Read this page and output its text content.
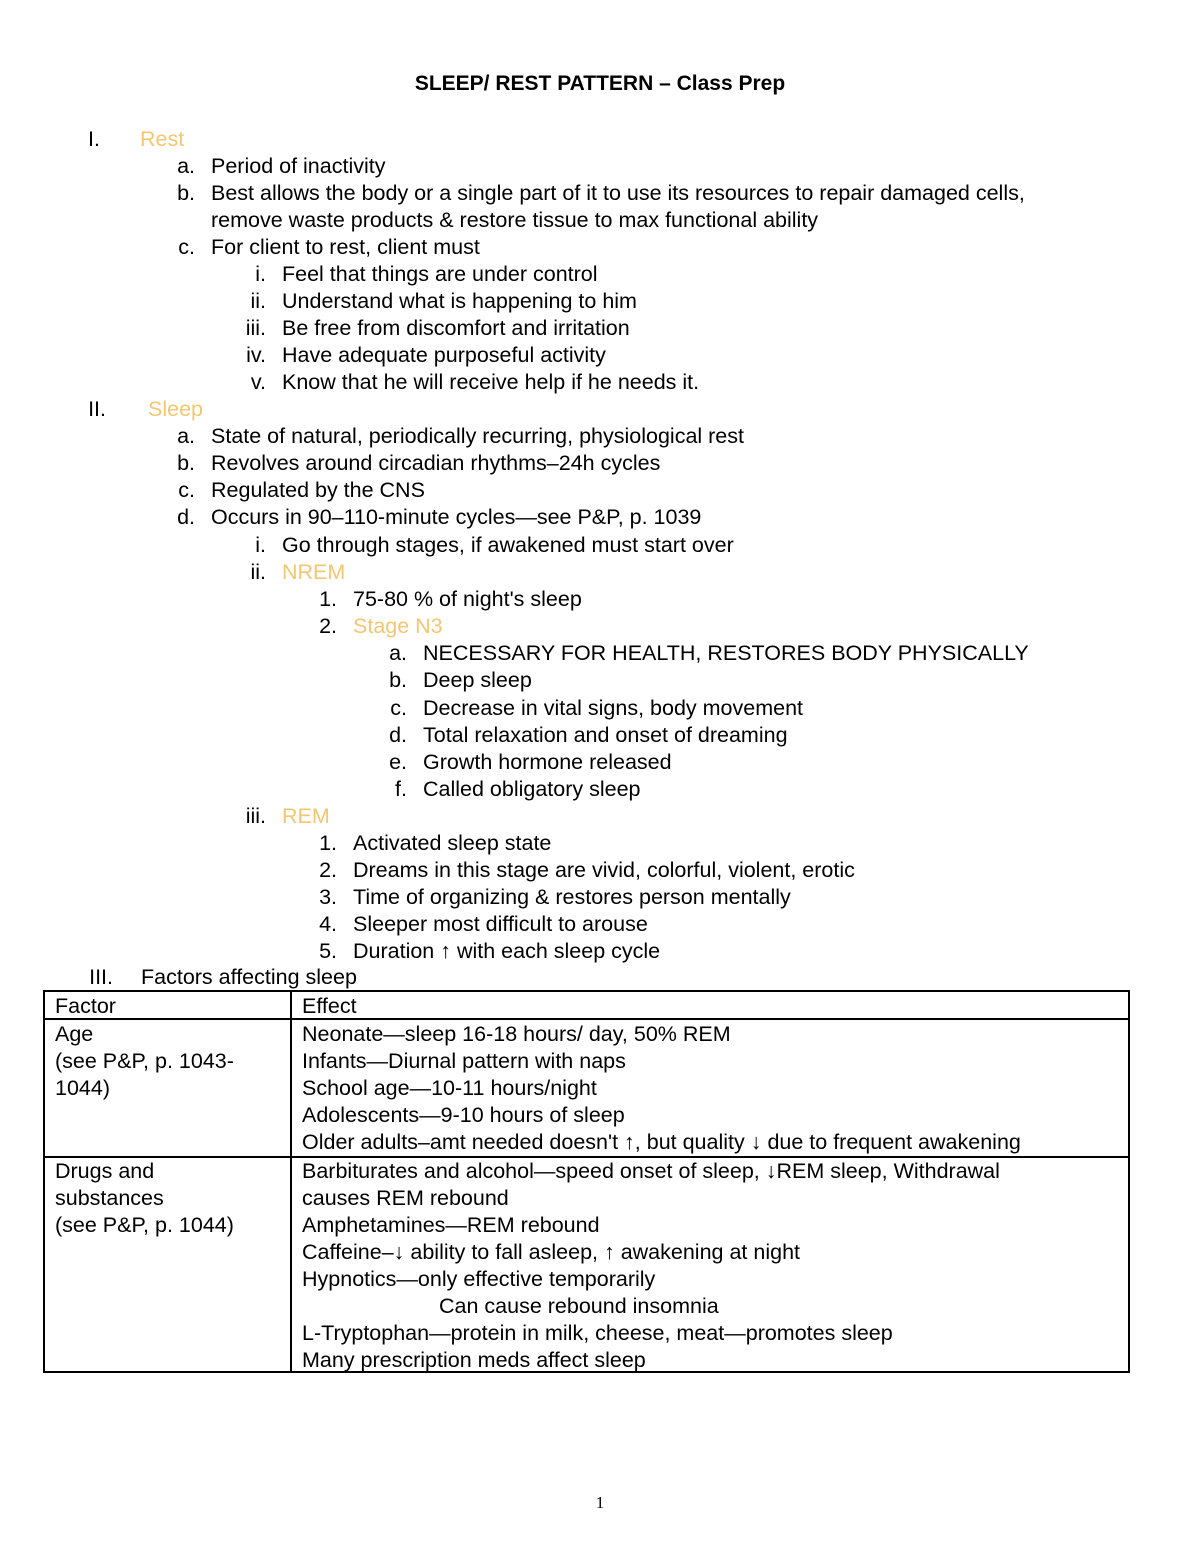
SLEEP/ REST PATTERN – Class Prep
I. Rest
a. Period of inactivity
b. Best allows the body or a single part of it to use its resources to repair damaged cells,
remove waste products & restore tissue to max functional ability
c. For client to rest, client must
i. Feel that things are under control
ii. Understand what is happening to him
iii. Be free from discomfort and irritation
iv. Have adequate purposeful activity
v. Know that he will receive help if he needs it.
II. Sleep
a. State of natural, periodically recurring, physiological rest
b. Revolves around circadian rhythms–24h cycles
c. Regulated by the CNS
d. Occurs in 90–110-minute cycles—see P&P, p. 1039
i. Go through stages, if awakened must start over
ii. NREM
1. 75-80 % of night's sleep
2. Stage N3
a. NECESSARY FOR HEALTH, RESTORES BODY PHYSICALLY
b. Deep sleep
c. Decrease in vital signs, body movement
d. Total relaxation and onset of dreaming
e. Growth hormone released
f. Called obligatory sleep
iii. REM
1. Activated sleep state
2. Dreams in this stage are vivid, colorful, violent, erotic
3. Time of organizing & restores person mentally
4. Sleeper most difficult to arouse
5. Duration ↑ with each sleep cycle
III. Factors affecting sleep
Factor	Effect
Age
(see P&P, p. 1043-
1044)
Neonate—sleep 16-18 hours/ day, 50% REM
Infants—Diurnal pattern with naps
School age—10-11 hours/night
Adolescents—9-10 hours of sleep
Older adults–amt needed doesn't ↑, but quality ↓ due to frequent awakening
Drugs and
substances
(see P&P, p. 1044)
Barbiturates and alcohol—speed onset of sleep, ↓REM sleep, Withdrawal
causes REM rebound
Amphetamines—REM rebound
Caffeine–↓ ability to fall asleep, ↑ awakening at night
Hypnotics—only effective temporarily
Can cause rebound insomnia
L-Tryptophan—protein in milk, cheese, meat—promotes sleep
Many prescription meds affect sleep
1
